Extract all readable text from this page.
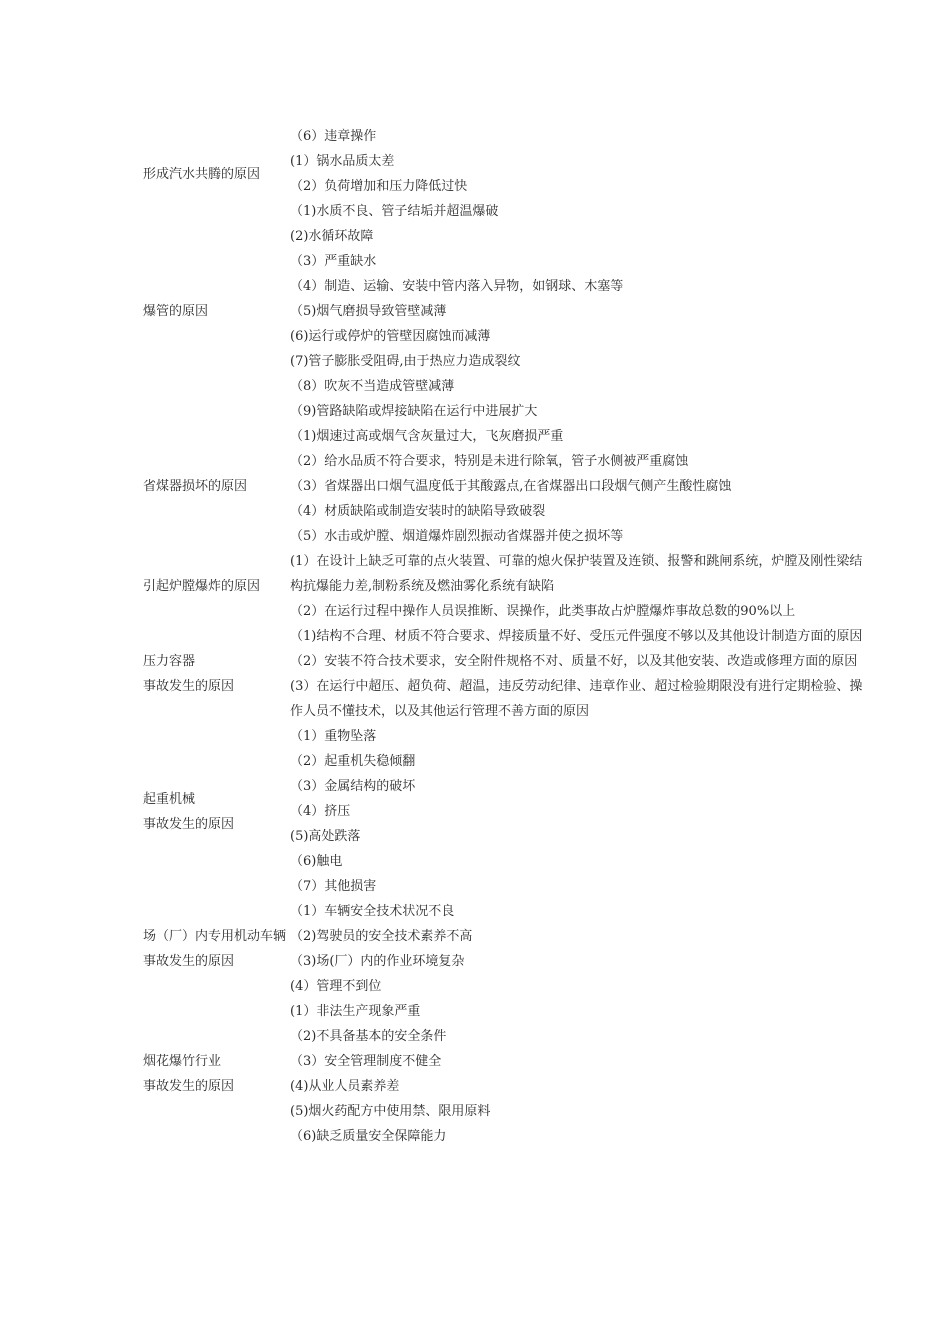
（6）违章操作
形成汽水共腾的原因
(1）锅水品质太差
（2）负荷增加和压力降低过快
爆管的原因
（1)水质不良、管子结垢并超温爆破
(2)水循环故障
（3）严重缺水
（4）制造、运输、安装中管内落入异物，如钢球、木塞等
（5)烟气磨损导致管壁减薄
(6)运行或停炉的管壁因腐蚀而减薄
(7)管子膨胀受阻碍,由于热应力造成裂纹
（8）吹灰不当造成管壁减薄
（9)管路缺陷或焊接缺陷在运行中进展扩大
省煤器损坏的原因
（1)烟速过高或烟气含灰量过大，飞灰磨损严重
（2）给水品质不符合要求，特别是未进行除氧，管子水侧被严重腐蚀
（3）省煤器出口烟气温度低于其酸露点,在省煤器出口段烟气侧产生酸性腐蚀
（4）材质缺陷或制造安装时的缺陷导致破裂
（5）水击或炉膛、烟道爆炸剧烈振动省煤器并使之损坏等
引起炉膛爆炸的原因
(1）在设计上缺乏可靠的点火装置、可靠的熄火保护装置及连锁、报警和跳闸系统，炉膛及刚性梁结构抗爆能力差,制粉系统及燃油雾化系统有缺陷
（2）在运行过程中操作人员误推断、误操作，此类事故占炉膛爆炸事故总数的90%以上
压力容器
事故发生的原因
（1)结构不合理、材质不符合要求、焊接质量不好、受压元件强度不够以及其他设计制造方面的原因
（2）安装不符合技术要求，安全附件规格不对、质量不好，以及其他安装、改造或修理方面的原因
(3）在运行中超压、超负荷、超温，违反劳动纪律、违章作业、超过检验期限没有进行定期检验、操作人员不懂技术，以及其他运行管理不善方面的原因
起重机械
事故发生的原因
（1）重物坠落
（2）起重机失稳倾翻
（3）金属结构的破坏
（4）挤压
(5)高处跌落
（6)触电
（7）其他损害
场（厂）内专用机动车辆
事故发生的原因
（1）车辆安全技术状况不良
（2)驾驶员的安全技术素养不高
（3)场(厂）内的作业环境复杂
(4）管理不到位
烟花爆竹行业
事故发生的原因
(1）非法生产现象严重
（2)不具备基本的安全条件
（3）安全管理制度不健全
(4)从业人员素养差
(5)烟火药配方中使用禁、限用原料
（6)缺乏质量安全保障能力
